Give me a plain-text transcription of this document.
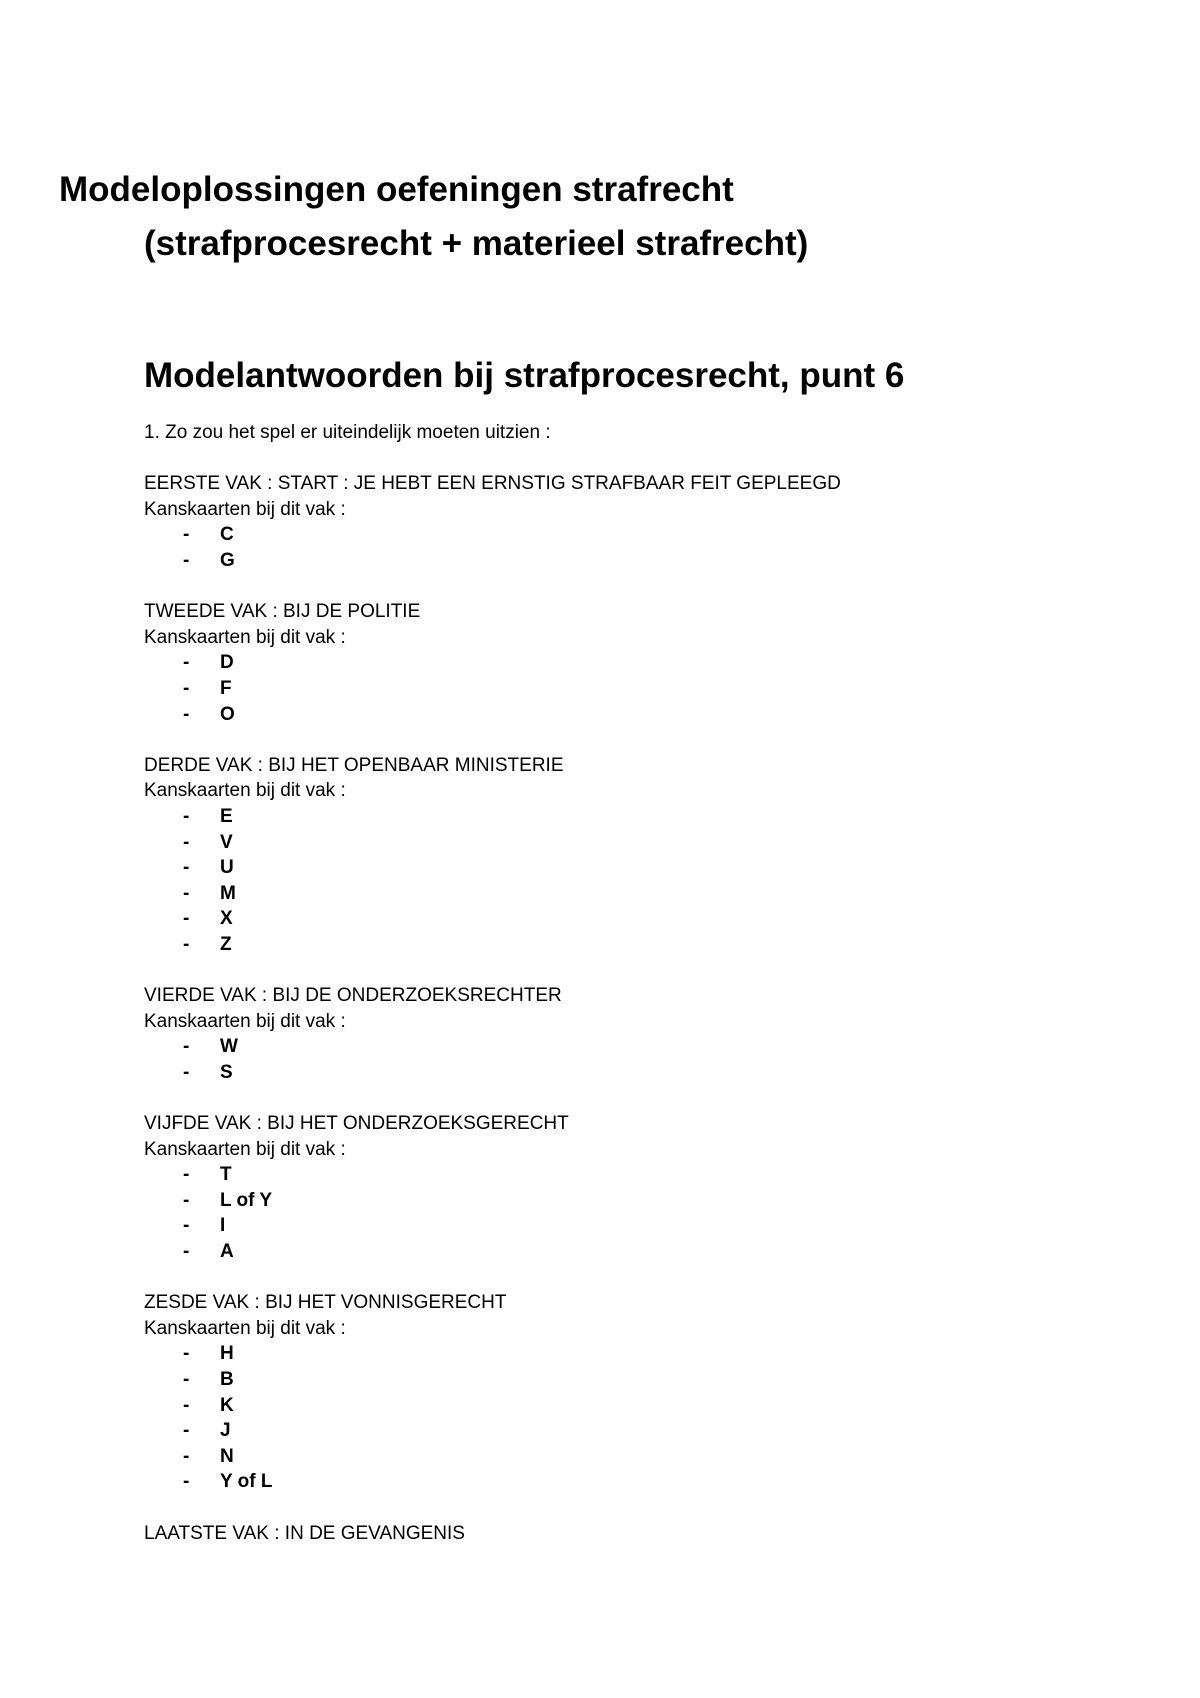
Modeloplossingen oefeningen strafrecht
(strafprocesrecht + materieel strafrecht)
Modelantwoorden bij strafprocesrecht, punt 6
1. Zo zou het spel er uiteindelijk moeten uitzien :
EERSTE VAK : START : JE HEBT EEN ERNSTIG STRAFBAAR FEIT GEPLEEGD
Kanskaarten bij dit vak :
-	C
-	G
TWEEDE VAK : BIJ DE POLITIE
Kanskaarten bij dit vak :
-	D
-	F
-	O
DERDE VAK : BIJ HET OPENBAAR MINISTERIE
Kanskaarten bij dit vak :
-	E
-	V
-	U
-	M
-	X
-	Z
VIERDE VAK : BIJ DE ONDERZOEKSRECHTER
Kanskaarten bij dit vak :
-	W
-	S
VIJFDE VAK : BIJ HET ONDERZOEKSGERECHT
Kanskaarten bij dit vak :
-	T
-	L of Y
-	I
-	A
ZESDE VAK : BIJ HET VONNISGERECHT
Kanskaarten bij dit vak :
-	H
-	B
-	K
-	J
-	N
-	Y of L
LAATSTE VAK : IN DE GEVANGENIS
